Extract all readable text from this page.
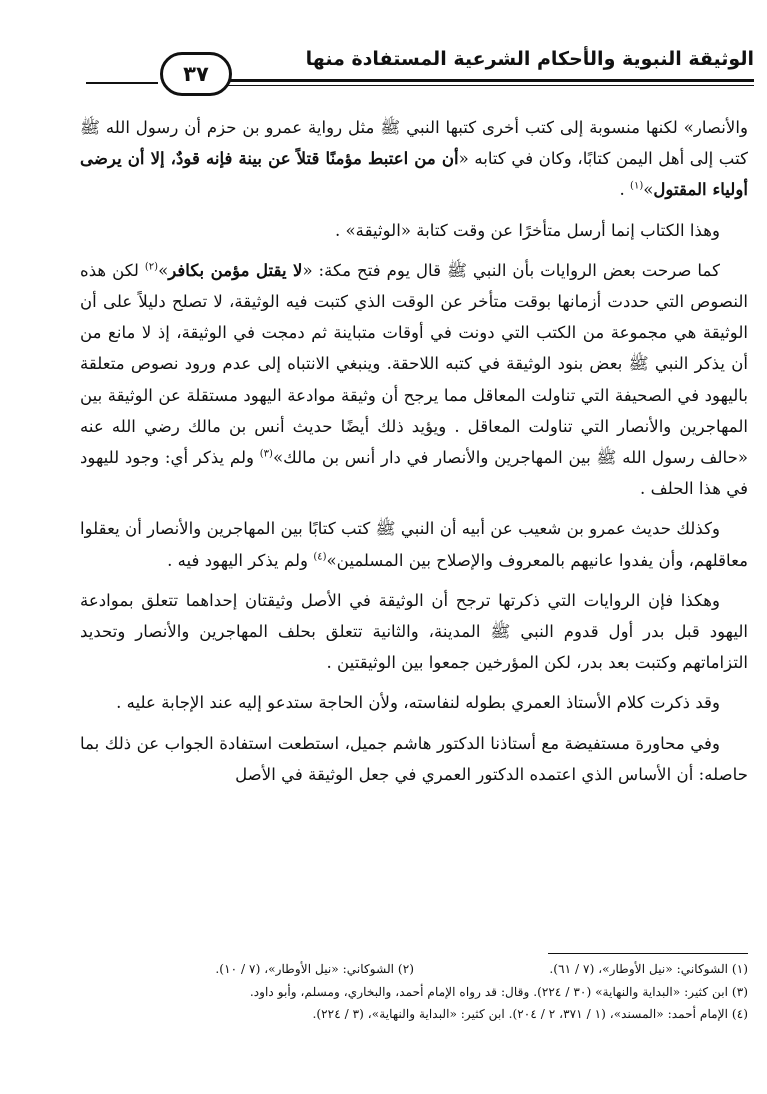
الوثيقة النبوية والأحكام الشرعية المستفادة منها
٣٧

والأنصار» لكنها منسوبة إلى كتب أخرى كتبها النبي ﷺ مثل رواية عمرو بن حزم أن رسول الله ﷺ كتب إلى أهل اليمن كتابًا، وكان في كتابه «أن من اعتبط مؤمنًا قتلاً عن بينة فإنه قودٌ، إلا أن يرضى أولياء المقتول»$^{(١)}$ .

وهذا الكتاب إنما أرسل متأخرًا عن وقت كتابة «الوثيقة» .

كما صرحت بعض الروايات بأن النبي ﷺ قال يوم فتح مكة: «لا يقتل مؤمن بكافر»$^{(٢)}$ لكن هذه النصوص التي حددت أزمانها بوقت متأخر عن الوقت الذي كتبت فيه الوثيقة، لا تصلح دليلاً على أن الوثيقة هي مجموعة من الكتب التي دونت في أوقات متباينة ثم دمجت في الوثيقة، إذ لا مانع من أن يذكر النبي ﷺ بعض بنود الوثيقة في كتبه اللاحقة. وينبغي الانتباه إلى عدم ورود نصوص متعلقة باليهود في الصحيفة التي تناولت المعاقل مما يرجح أن وثيقة موادعة اليهود مستقلة عن الوثيقة بين المهاجرين والأنصار التي تناولت المعاقل . ويؤيد ذلك أيضًا حديث أنس بن مالك رضي الله عنه «حالف رسول الله ﷺ بين المهاجرين والأنصار في دار أنس بن مالك»$^{(٣)}$ ولم يذكر أي: وجود لليهود في هذا الحلف .

وكذلك حديث عمرو بن شعيب عن أبيه أن النبي ﷺ كتب كتابًا بين المهاجرين والأنصار أن يعقلوا معاقلهم، وأن يفدوا عانيهم بالمعروف والإصلاح بين المسلمين»$^{(٤)}$ ولم يذكر اليهود فيه .

وهكذا فإن الروايات التي ذكرتها ترجح أن الوثيقة في الأصل وثيقتان إحداهما تتعلق بموادعة اليهود قبل بدر أول قدوم النبي ﷺ المدينة، والثانية تتعلق بحلف المهاجرين والأنصار وتحديد التزاماتهم وكتبت بعد بدر، لكن المؤرخين جمعوا بين الوثيقتين .

وقد ذكرت كلام الأستاذ العمري بطوله لنفاسته، ولأن الحاجة ستدعو إليه عند الإجابة عليه .

وفي محاورة مستفيضة مع أستاذنا الدكتور هاشم جميل، استطعت استفادة الجواب عن ذلك بما حاصله: أن الأساس الذي اعتمده الدكتور العمري في جعل الوثيقة في الأصل

(١) الشوكاني: «نيل الأوطار»، (٧ / ٦١).
(٢) الشوكاني: «نيل الأوطار»، (٧ / ١٠).
(٣) ابن كثير: «البداية والنهاية» (٣٠ / ٢٢٤). وقال: قد رواه الإمام أحمد، والبخاري، ومسلم، وأبو داود.
(٤) الإمام أحمد: «المسند»، (١ / ٣٧١، ٢ / ٢٠٤). ابن كثير: «البداية والنهاية»، (٣ / ٢٢٤).
